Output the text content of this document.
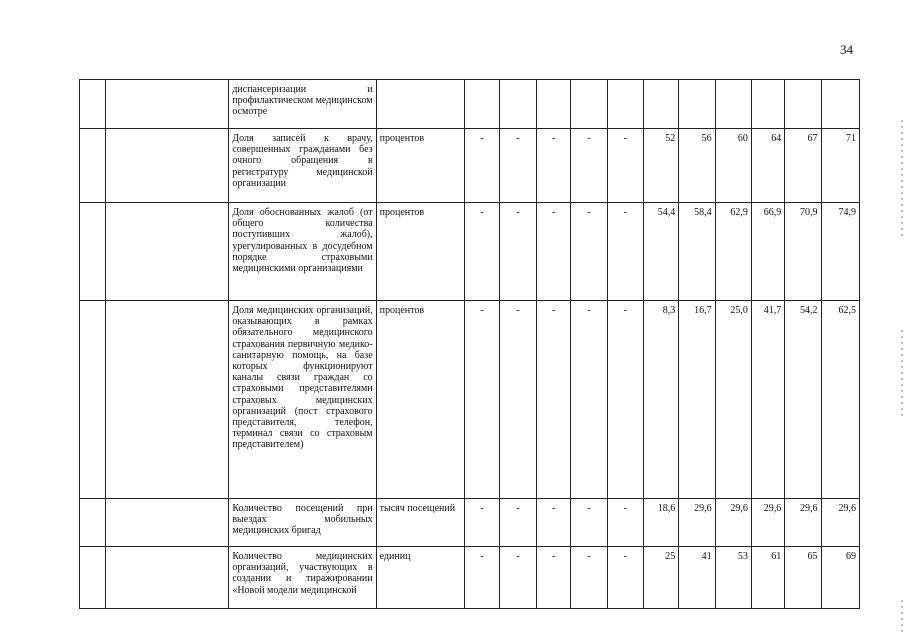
34
		диспансеризации и профилактическом медицинском осмотре												
		Доля записей к врачу, совершенных гражданами без очного обращения в регистратуру медицинской организации	процентов	-	-	-	-	-	52	56	60	64	67	71
		Доля обоснованных жалоб (от общего количества поступивших жалоб), урегулированных в досудебном порядке страховыми медицинскими организациями	процентов	-	-	-	-	-	54,4	58,4	62,9	66,9	70,9	74,9
		Доля медицинских организаций, оказывающих в рамках обязательного медицинского страхования первичную медико-санитарную помощь, на базе которых функционируют каналы связи граждан со страховыми представителями страховых медицинских организаций (пост страхового представителя, телефон, терминал связи со страховым представителем)	процентов	-	-	-	-	-	8,3	16,7	25,0	41,7	54,2	62,5
		Количество посещений при выездах мобильных медицинских бригад	тысяч посещений	-	-	-	-	-	18,6	29,6	29,6	29,6	29,6	29,6
		Количество медицинских организаций, участвующих в создании и тиражировании «Новой модели медицинской	единиц	-	-	-	-	-	25	41	53	61	65	69
